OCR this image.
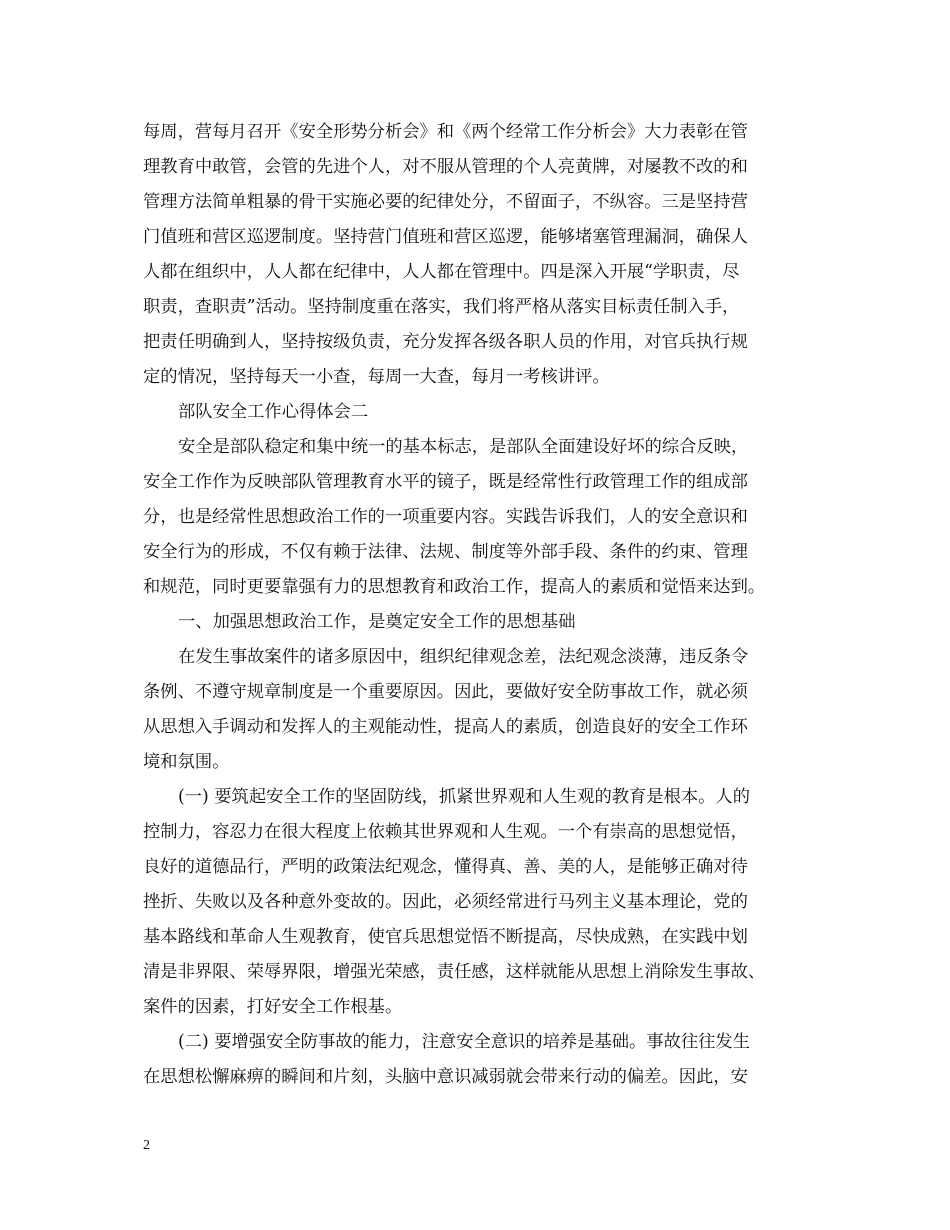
每周，营每月召开《安全形势分析会》和《两个经常工作分析会》大力表彰在管
理教育中敢管，会管的先进个人，对不服从管理的个人亮黄牌，对屡教不改的和
管理方法简单粗暴的骨干实施必要的纪律处分，不留面子，不纵容。三是坚持营
门值班和营区巡逻制度。坚持营门值班和营区巡逻，能够堵塞管理漏洞，确保人
人都在组织中，人人都在纪律中，人人都在管理中。四是深入开展“学职责，尽
职责，查职责”活动。坚持制度重在落实，我们将严格从落实目标责任制入手，
把责任明确到人，坚持按级负责，充分发挥各级各职人员的作用，对官兵执行规
定的情况，坚持每天一小查，每周一大查，每月一考核讲评。
部队安全工作心得体会二
安全是部队稳定和集中统一的基本标志，是部队全面建设好坏的综合反映，
安全工作作为反映部队管理教育水平的镜子，既是经常性行政管理工作的组成部
分，也是经常性思想政治工作的一项重要内容。实践告诉我们，人的安全意识和
安全行为的形成，不仅有赖于法律、法规、制度等外部手段、条件的约束、管理
和规范，同时更要靠强有力的思想教育和政治工作，提高人的素质和觉悟来达到。
一、加强思想政治工作，是奠定安全工作的思想基础
在发生事故案件的诸多原因中，组织纪律观念差，法纪观念淡薄，违反条令
条例、不遵守规章制度是一个重要原因。因此，要做好安全防事故工作，就必须
从思想入手调动和发挥人的主观能动性，提高人的素质，创造良好的安全工作环
境和氛围。
(一) 要筑起安全工作的坚固防线，抓紧世界观和人生观的教育是根本。人的
控制力，容忍力在很大程度上依赖其世界观和人生观。一个有崇高的思想觉悟，
良好的道德品行，严明的政策法纪观念，懂得真、善、美的人，是能够正确对待
挫折、失败以及各种意外变故的。因此，必须经常进行马列主义基本理论，党的
基本路线和革命人生观教育，使官兵思想觉悟不断提高，尽快成熟，在实践中划
清是非界限、荣辱界限，增强光荣感，责任感，这样就能从思想上消除发生事故、
案件的因素，打好安全工作根基。
(二) 要增强安全防事故的能力，注意安全意识的培养是基础。事故往往发生
在思想松懈麻痹的瞬间和片刻，头脑中意识减弱就会带来行动的偏差。因此，安
2
